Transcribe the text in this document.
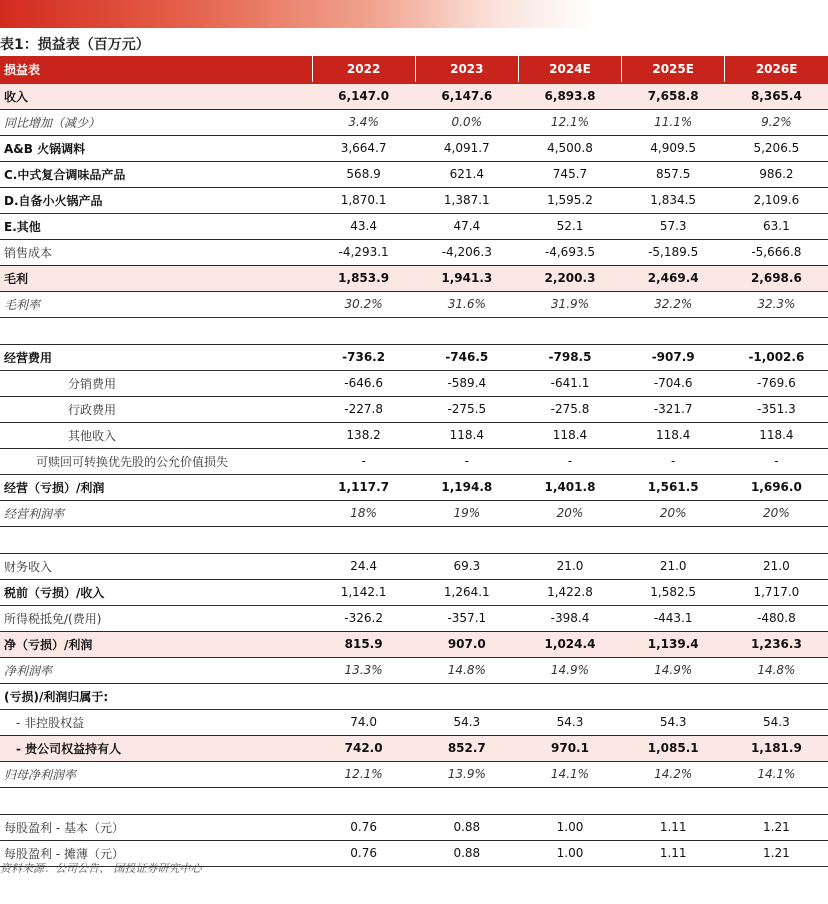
表1：损益表（百万元）
损益表	2022	2023	2024E	2025E	2026E
收入	6,147.0	6,147.6	6,893.8	7,658.8	8,365.4
同比增加（减少）	3.4%	0.0%	12.1%	11.1%	9.2%
A&B 火锅调料	3,664.7	4,091.7	4,500.8	4,909.5	5,206.5
C.中式复合调味品产品	568.9	621.4	745.7	857.5	986.2
D.自备小火锅产品	1,870.1	1,387.1	1,595.2	1,834.5	2,109.6
E.其他	43.4	47.4	52.1	57.3	63.1
销售成本	-4,293.1	-4,206.3	-4,693.5	-5,189.5	-5,666.8
毛利	1,853.9	1,941.3	2,200.3	2,469.4	2,698.6
毛利率	30.2%	31.6%	31.9%	32.2%	32.3%

经营费用	-736.2	-746.5	-798.5	-907.9	-1,002.6
分销费用	-646.6	-589.4	-641.1	-704.6	-769.6
行政费用	-227.8	-275.5	-275.8	-321.7	-351.3
其他收入	138.2	118.4	118.4	118.4	118.4
可赎回可转换优先股的公允价值损失	-	-	-	-	-
经营（亏损）/利润	1,117.7	1,194.8	1,401.8	1,561.5	1,696.0
经营利润率	18%	19%	20%	20%	20%

财务收入	24.4	69.3	21.0	21.0	21.0
税前（亏损）/收入	1,142.1	1,264.1	1,422.8	1,582.5	1,717.0
所得税抵免/(费用)	-326.2	-357.1	-398.4	-443.1	-480.8
净（亏损）/利润	815.9	907.0	1,024.4	1,139.4	1,236.3
净利润率	13.3%	14.8%	14.9%	14.9%	14.8%
(亏损)/利润归属于:					
- 非控股权益	74.0	54.3	54.3	54.3	54.3
- 贵公司权益持有人	742.0	852.7	970.1	1,085.1	1,181.9
归母净利润率	12.1%	13.9%	14.1%	14.2%	14.1%

每股盈利 - 基本（元）	0.76	0.88	1.00	1.11	1.21
每股盈利 - 摊薄（元）	0.76	0.88	1.00	1.11	1.21
资料来源：公司公告、 国投证券研究中心
